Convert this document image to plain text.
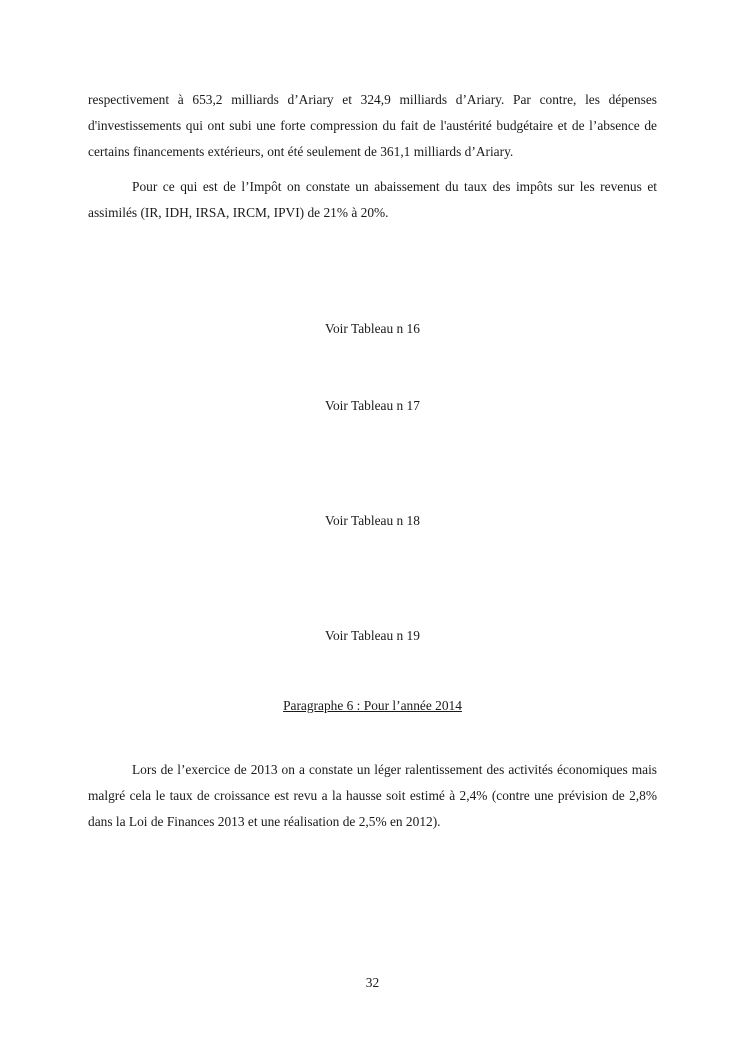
respectivement à 653,2 milliards d’Ariary et 324,9 milliards d’Ariary. Par contre, les dépenses d'investissements qui ont subi une forte compression du fait de l'austérité budgétaire et de l’absence de certains financements extérieurs, ont été seulement de 361,1 milliards d’Ariary.

Pour ce qui est de l’Impôt on constate un abaissement du taux des impôts sur les revenus et assimilés (IR, IDH, IRSA, IRCM, IPVI) de 21% à 20%.

Voir Tableau n 16

Voir Tableau n 17

Voir Tableau n 18

Voir Tableau n 19

Paragraphe 6 : Pour l’année 2014

Lors de l’exercice de 2013 on a constate un léger ralentissement des activités économiques mais malgré cela le taux de croissance est revu a la hausse soit estimé à 2,4% (contre une prévision de 2,8% dans la Loi de Finances 2013 et une réalisation de 2,5% en 2012).

32
